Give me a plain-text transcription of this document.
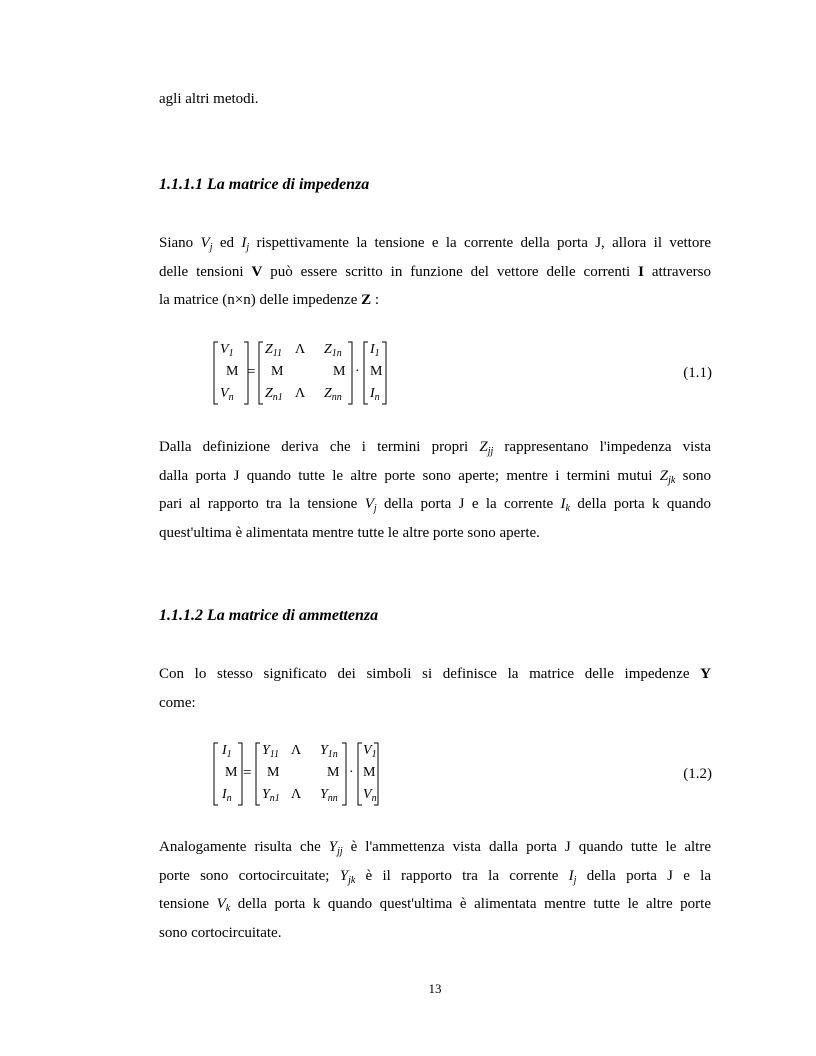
agli altri metodi.
1.1.1.1 La matrice di impedenza
Siano $V_j$ ed $I_j$ rispettivamente la tensione e la corrente della porta J, allora il vettore
delle tensioni V può essere scritto in funzione del vettore delle correnti I attraverso
la matrice (n×n) delle impedenze Z :
$V_1$
M
$V_n$
=
$Z_{11}$ Λ $Z_{1n}$
M	M
$Z_{n1}$ Λ $Z_{nn}$
·
$I_1$
M
$I_n$
(1.1)
Dalla definizione deriva che i termini propri $Z_{jj}$ rappresentano l'impedenza vista
dalla porta J quando tutte le altre porte sono aperte; mentre i termini mutui $Z_{jk}$ sono
pari al rapporto tra la tensione $V_j$ della porta J e la corrente $I_k$ della porta k quando
quest'ultima è alimentata mentre tutte le altre porte sono aperte.
1.1.1.2 La matrice di ammettenza
Con lo stesso significato dei simboli si definisce la matrice delle impedenze Y
come:
$I_1$
M
$I_n$
=
$Y_{11}$ Λ $Y_{1n}$
M	M
$Y_{n1}$ Λ $Y_{nn}$
·
$V_1$
M
$V_n$
(1.2)
Analogamente risulta che $Y_{jj}$ è l'ammettenza vista dalla porta J quando tutte le altre
porte sono cortocircuitate; $Y_{jk}$ è il rapporto tra la corrente $I_j$ della porta J e la
tensione $V_k$ della porta k quando quest'ultima è alimentata mentre tutte le altre porte
sono cortocircuitate.
13
